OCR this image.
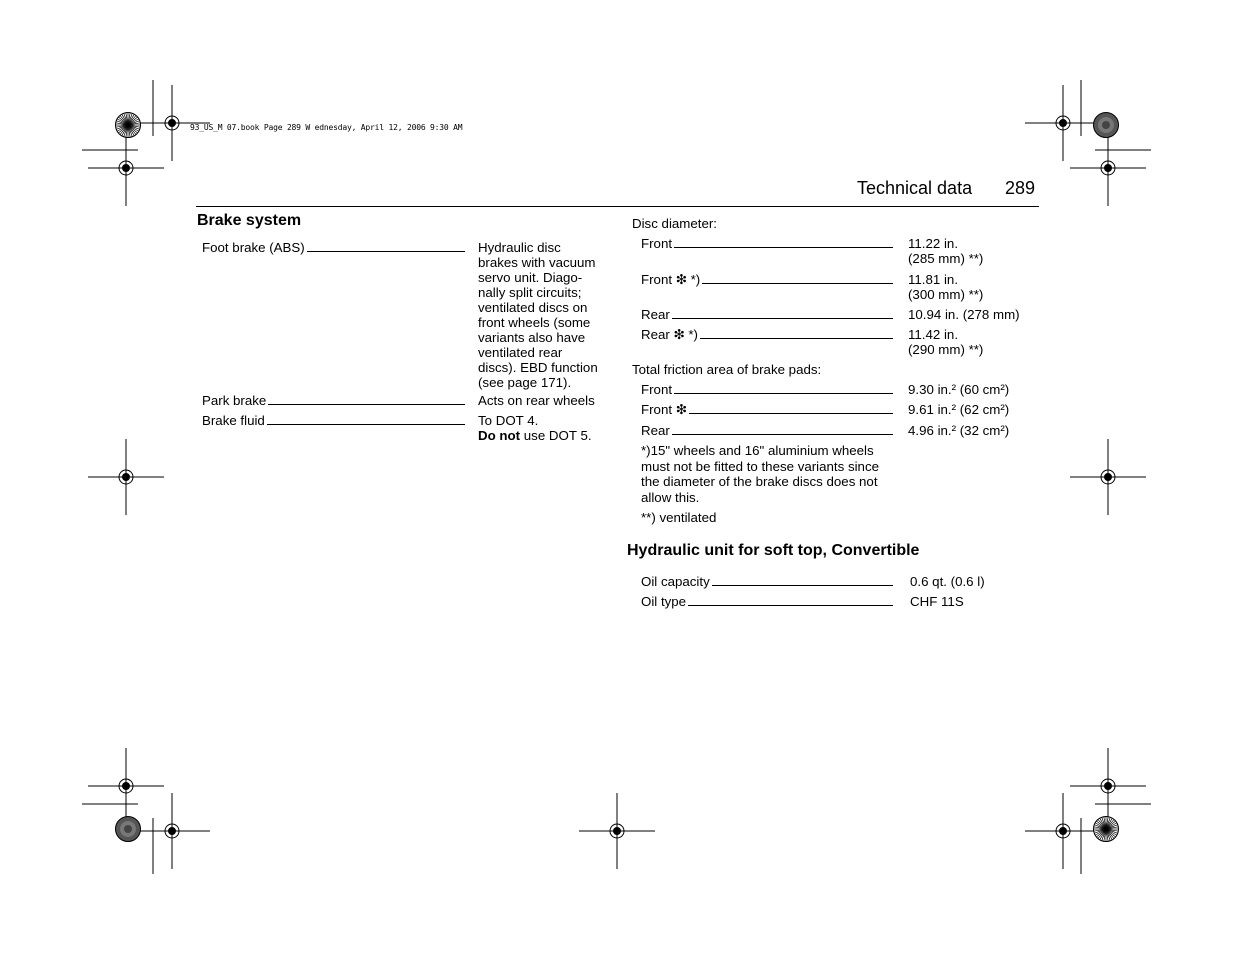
93_US_M 07.book Page 289 W ednesday, April 12, 2006 9:30 AM
Technical data 289
Brake system
Foot brake (ABS)	Hydraulic disc
brakes with vacuum
servo unit. Diago-
nally split circuits;
ventilated discs on
front wheels (some
variants also have
ventilated rear
discs). EBD function
(see page 171).
Park brake	Acts on rear wheels
Brake fluid	To DOT 4.
Do not use DOT 5.
Disc diameter:
Front	11.22 in.
(285 mm) **)
Front ❇ *)	11.81 in.
(300 mm) **)
Rear	10.94 in. (278 mm)
Rear ❇ *)	11.42 in.
(290 mm) **)
Total friction area of brake pads:
Front	9.30 in.² (60 cm²)
Front ❇	9.61 in.² (62 cm²)
Rear	4.96 in.² (32 cm²)
*)15" wheels and 16" aluminium wheels
must not be fitted to these variants since
the diameter of the brake discs does not
allow this.
**) ventilated
Hydraulic unit for soft top, Convertible
Oil capacity	0.6 qt. (0.6 l)
Oil type	CHF 11S
